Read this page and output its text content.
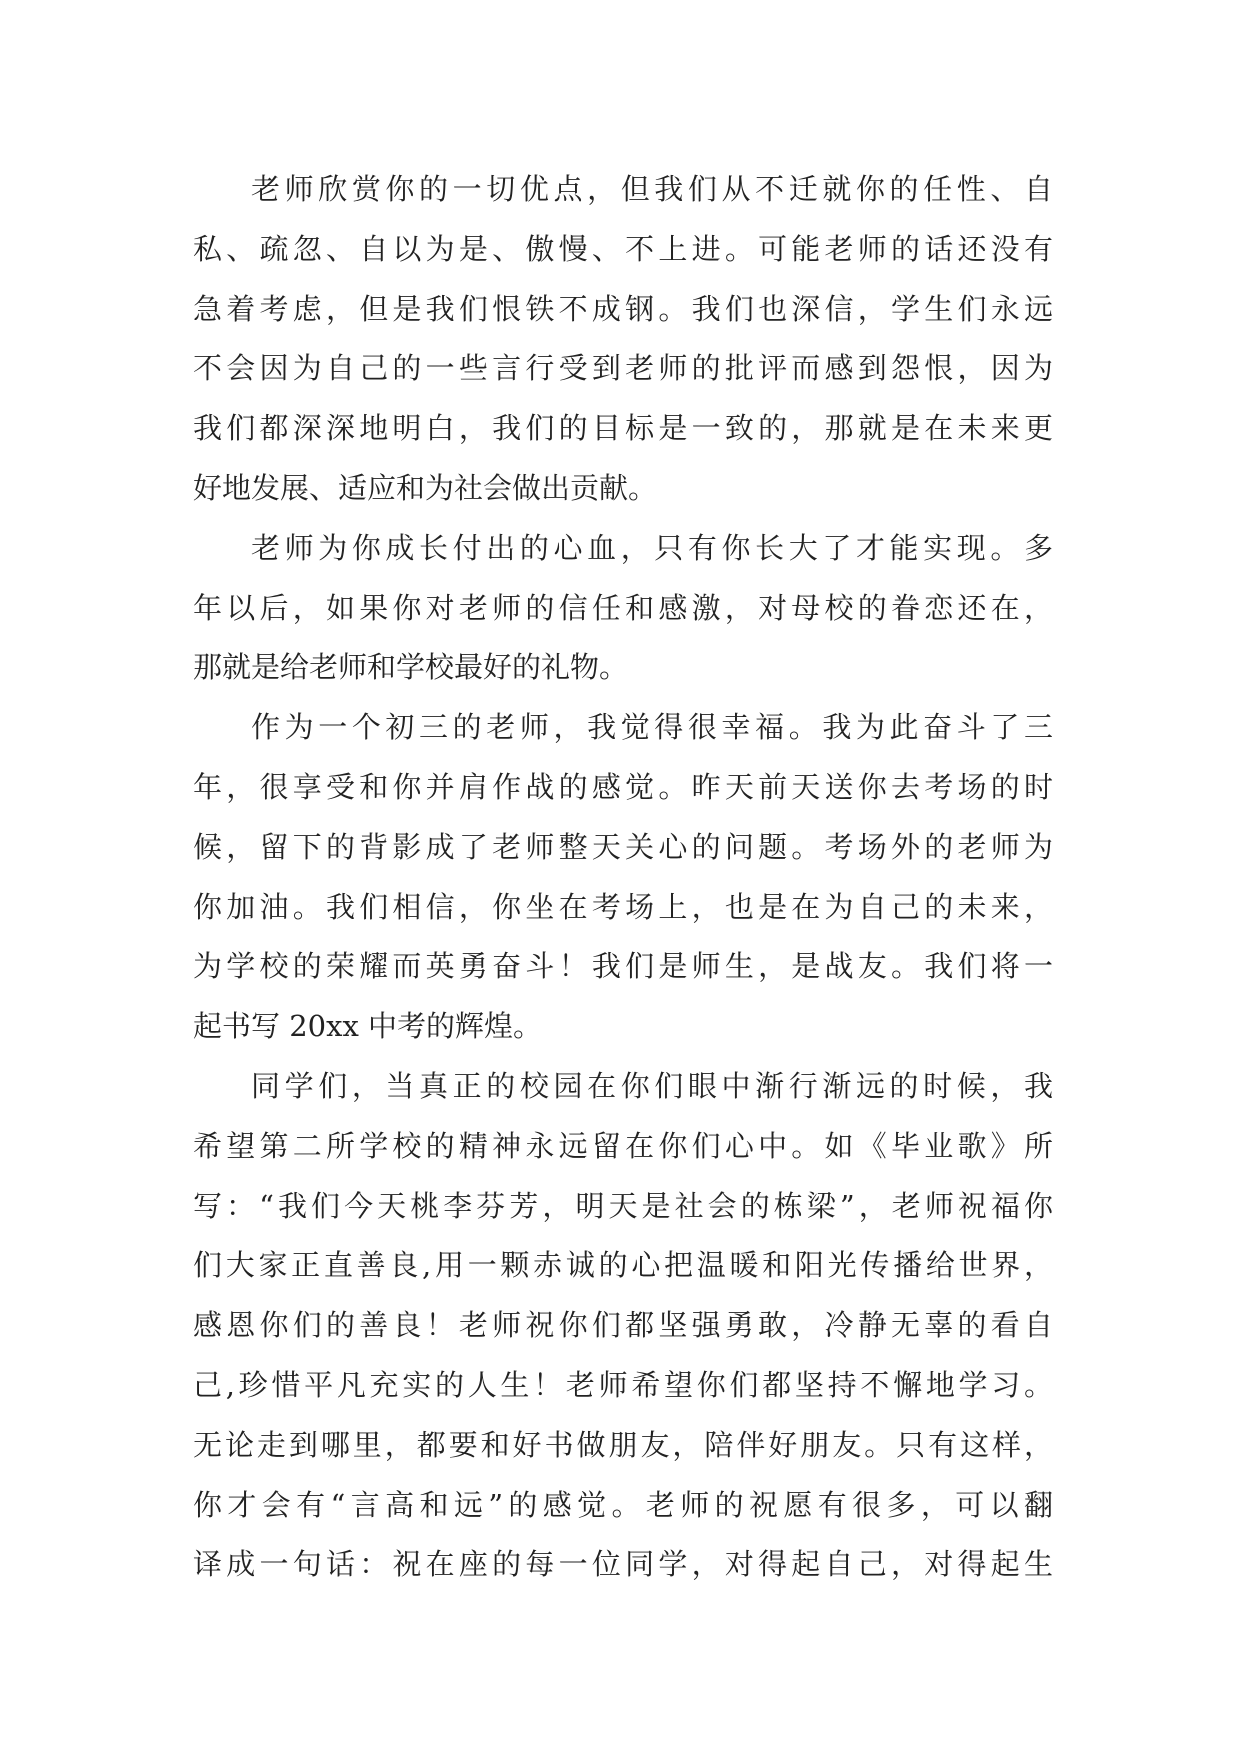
老师欣赏你的一切优点，但我们从不迁就你的任性、自
私、疏忽、自以为是、傲慢、不上进。可能老师的话还没有
急着考虑，但是我们恨铁不成钢。我们也深信，学生们永远
不会因为自己的一些言行受到老师的批评而感到怨恨，因为
我们都深深地明白，我们的目标是一致的，那就是在未来更
好地发展、适应和为社会做出贡献。
老师为你成长付出的心血，只有你长大了才能实现。多
年以后，如果你对老师的信任和感激，对母校的眷恋还在，
那就是给老师和学校最好的礼物。
作为一个初三的老师，我觉得很幸福。我为此奋斗了三
年，很享受和你并肩作战的感觉。昨天前天送你去考场的时
候，留下的背影成了老师整天关心的问题。考场外的老师为
你加油。我们相信，你坐在考场上，也是在为自己的未来，
为学校的荣耀而英勇奋斗！我们是师生，是战友。我们将一
起书写 20xx 中考的辉煌。
同学们，当真正的校园在你们眼中渐行渐远的时候，我
希望第二所学校的精神永远留在你们心中。如《毕业歌》所
写：“我们今天桃李芬芳，明天是社会的栋梁”，老师祝福你
们大家正直善良,用一颗赤诚的心把温暖和阳光传播给世界，
感恩你们的善良！老师祝你们都坚强勇敢，冷静无辜的看自
己,珍惜平凡充实的人生！老师希望你们都坚持不懈地学习。
无论走到哪里，都要和好书做朋友，陪伴好朋友。只有这样，
你才会有“言高和远”的感觉。老师的祝愿有很多，可以翻
译成一句话：祝在座的每一位同学，对得起自己，对得起生
